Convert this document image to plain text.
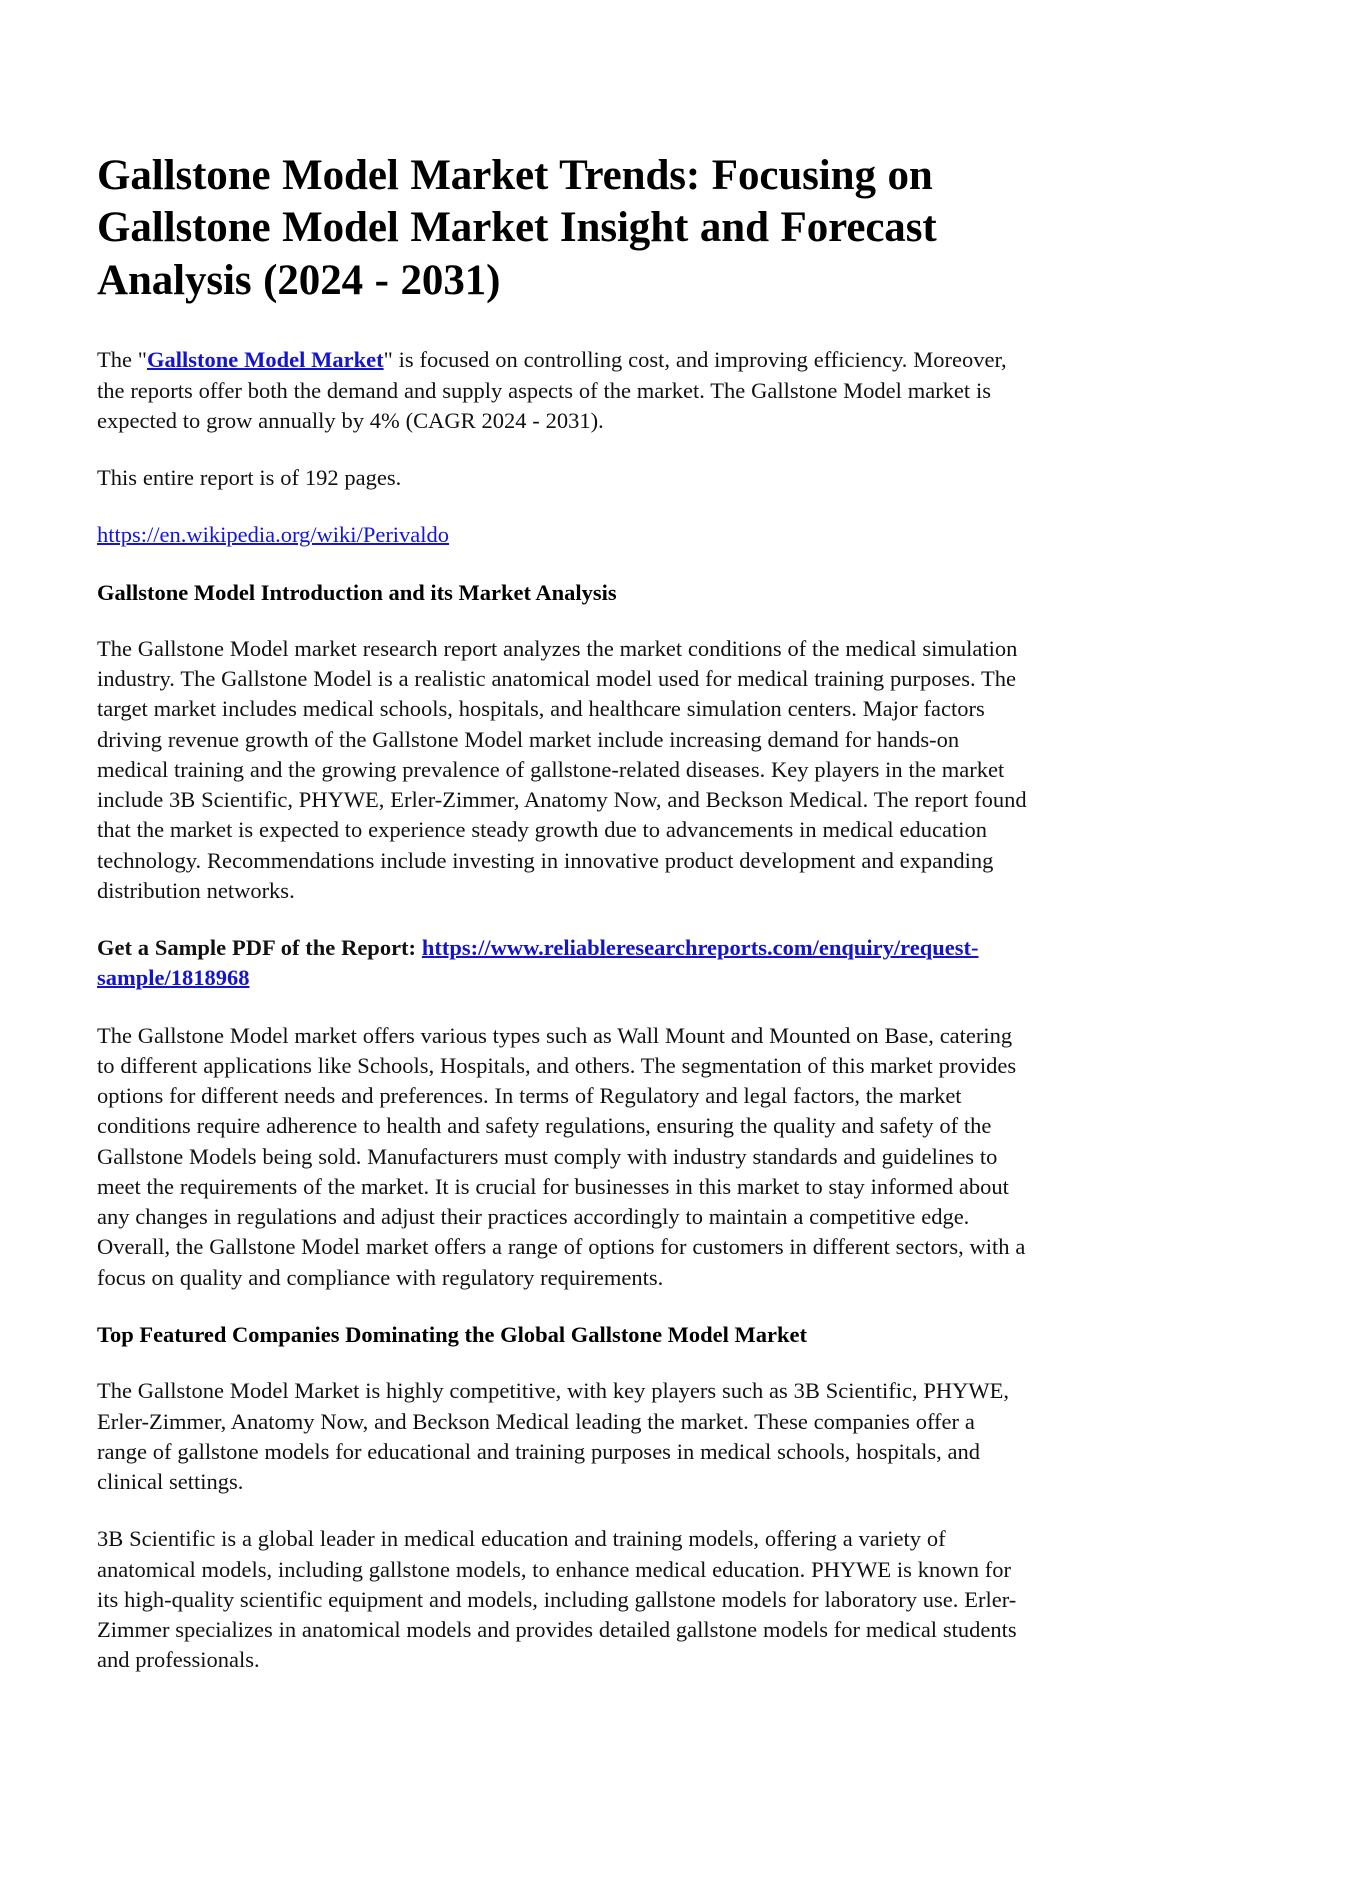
Gallstone Model Market Trends: Focusing on Gallstone Model Market Insight and Forecast Analysis (2024 - 2031)

The "Gallstone Model Market" is focused on controlling cost, and improving efficiency. Moreover, the reports offer both the demand and supply aspects of the market. The Gallstone Model market is expected to grow annually by 4% (CAGR 2024 - 2031).

This entire report is of 192 pages.

https://en.wikipedia.org/wiki/Perivaldo

Gallstone Model Introduction and its Market Analysis

The Gallstone Model market research report analyzes the market conditions of the medical simulation industry. The Gallstone Model is a realistic anatomical model used for medical training purposes. The target market includes medical schools, hospitals, and healthcare simulation centers. Major factors driving revenue growth of the Gallstone Model market include increasing demand for hands-on medical training and the growing prevalence of gallstone-related diseases. Key players in the market include 3B Scientific, PHYWE, Erler-Zimmer, Anatomy Now, and Beckson Medical. The report found that the market is expected to experience steady growth due to advancements in medical education technology. Recommendations include investing in innovative product development and expanding distribution networks.

Get a Sample PDF of the Report: https://www.reliableresearchreports.com/enquiry/request-sample/1818968

The Gallstone Model market offers various types such as Wall Mount and Mounted on Base, catering to different applications like Schools, Hospitals, and others. The segmentation of this market provides options for different needs and preferences. In terms of Regulatory and legal factors, the market conditions require adherence to health and safety regulations, ensuring the quality and safety of the Gallstone Models being sold. Manufacturers must comply with industry standards and guidelines to meet the requirements of the market. It is crucial for businesses in this market to stay informed about any changes in regulations and adjust their practices accordingly to maintain a competitive edge. Overall, the Gallstone Model market offers a range of options for customers in different sectors, with a focus on quality and compliance with regulatory requirements.

Top Featured Companies Dominating the Global Gallstone Model Market

The Gallstone Model Market is highly competitive, with key players such as 3B Scientific, PHYWE, Erler-Zimmer, Anatomy Now, and Beckson Medical leading the market. These companies offer a range of gallstone models for educational and training purposes in medical schools, hospitals, and clinical settings.

3B Scientific is a global leader in medical education and training models, offering a variety of anatomical models, including gallstone models, to enhance medical education. PHYWE is known for its high-quality scientific equipment and models, including gallstone models for laboratory use. Erler-Zimmer specializes in anatomical models and provides detailed gallstone models for medical students and professionals.
